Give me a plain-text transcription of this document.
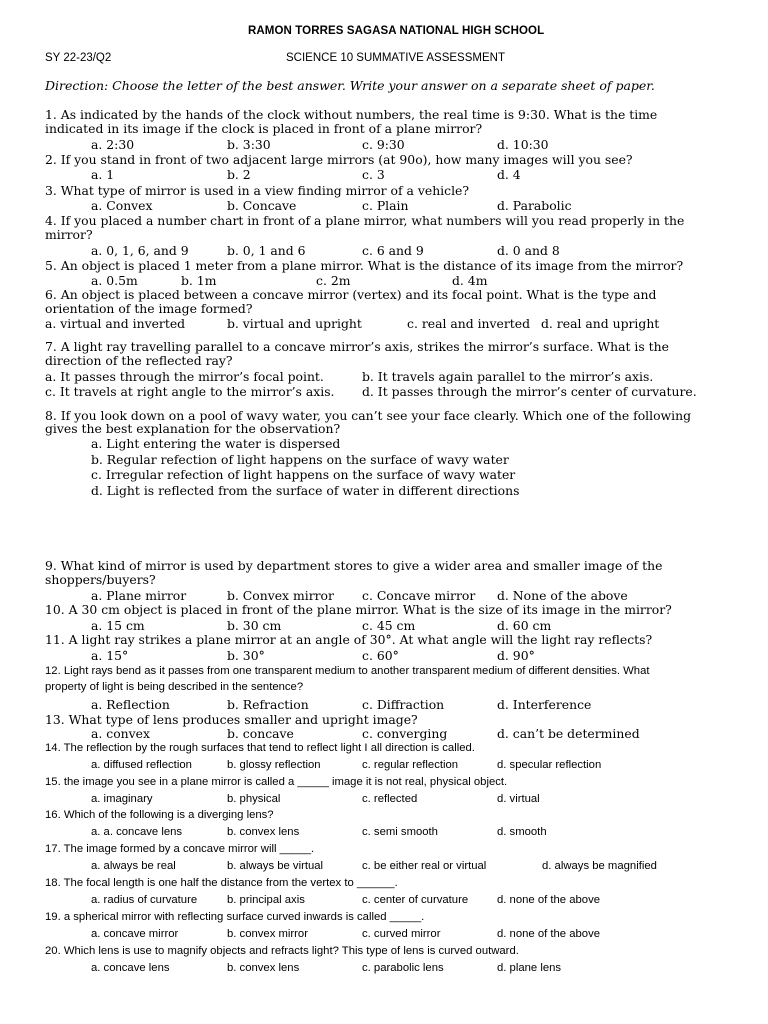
RAMON TORRES SAGASA NATIONAL HIGH SCHOOL
SY 22-23/Q2	SCIENCE 10 SUMMATIVE ASSESSMENT
Direction: Choose the letter of the best answer. Write your answer on a separate sheet of paper.
1. As indicated by the hands of the clock without numbers, the real time is 9:30. What is the time
indicated in its image if the clock is placed in front of a plane mirror?
a. 2:30	b. 3:30	c. 9:30	d. 10:30
2. If you stand in front of two adjacent large mirrors (at 90o), how many images will you see?
a. 1	b. 2	c. 3	d. 4
3. What type of mirror is used in a view finding mirror of a vehicle?
a. Convex	b. Concave	c. Plain	d. Parabolic
4. If you placed a number chart in front of a plane mirror, what numbers will you read properly in the
mirror?
a. 0, 1, 6, and 9	b. 0, 1 and 6	c. 6 and 9	d. 0 and 8
5. An object is placed 1 meter from a plane mirror. What is the distance of its image from the mirror?
a. 0.5m	b. 1m	c. 2m	d. 4m
6. An object is placed between a concave mirror (vertex) and its focal point. What is the type and
orientation of the image formed?
a. virtual and inverted	b. virtual and upright	c. real and inverted d. real and upright
7. A light ray travelling parallel to a concave mirror’s axis, strikes the mirror’s surface. What is the
direction of the reflected ray?
a. It passes through the mirror’s focal point.	b. It travels again parallel to the mirror’s axis.
c. It travels at right angle to the mirror’s axis. d. It passes through the mirror’s center of curvature.
8. If you look down on a pool of wavy water, you can’t see your face clearly. Which one of the following
gives the best explanation for the observation?
a. Light entering the water is dispersed
b. Regular refection of light happens on the surface of wavy water
c. Irregular refection of light happens on the surface of wavy water
d. Light is reflected from the surface of water in different directions
9. What kind of mirror is used by department stores to give a wider area and smaller image of the
shoppers/buyers?
a. Plane mirror	b. Convex mirror c. Concave mirror d. None of the above
10. A 30 cm object is placed in front of the plane mirror. What is the size of its image in the mirror?
a. 15 cm	b. 30 cm	c. 45 cm	d. 60 cm
11. A light ray strikes a plane mirror at an angle of 30°. At what angle will the light ray reflects?
a. 15°	b. 30°	c. 60°	d. 90°
12. Light rays bend as it passes from one transparent medium to another transparent medium of different densities. What
property of light is being described in the sentence?
a. Reflection	b. Refraction	c. Diffraction	d. Interference
13. What type of lens produces smaller and upright image?
a. convex	b. concave	c. converging	d. can’t be determined
14. The reflection by the rough surfaces that tend to reflect light I all direction is called.
a. diffused reflection	b. glossy reflection	c. regular reflection	d. specular reflection
15. the image you see in a plane mirror is called a _____ image it is not real, physical object.
a. imaginary	b. physical	c. reflected	d. virtual
16. Which of the following is a diverging lens?
a. a. concave lens	b. convex lens	c. semi smooth	d. smooth
17. The image formed by a concave mirror will _____.
a. always be real	b. always be virtual	c. be either real or virtual	d. always be magnified
18. The focal length is one half the distance from the vertex to ______.
a. radius of curvature	b. principal axis	c. center of curvature	d. none of the above
19. a spherical mirror with reflecting surface curved inwards is called _____.
a. concave mirror	b. convex mirror	c. curved mirror	d. none of the above
20. Which lens is use to magnify objects and refracts light? This type of lens is curved outward.
a. concave lens	b. convex lens	c. parabolic lens	d. plane lens
